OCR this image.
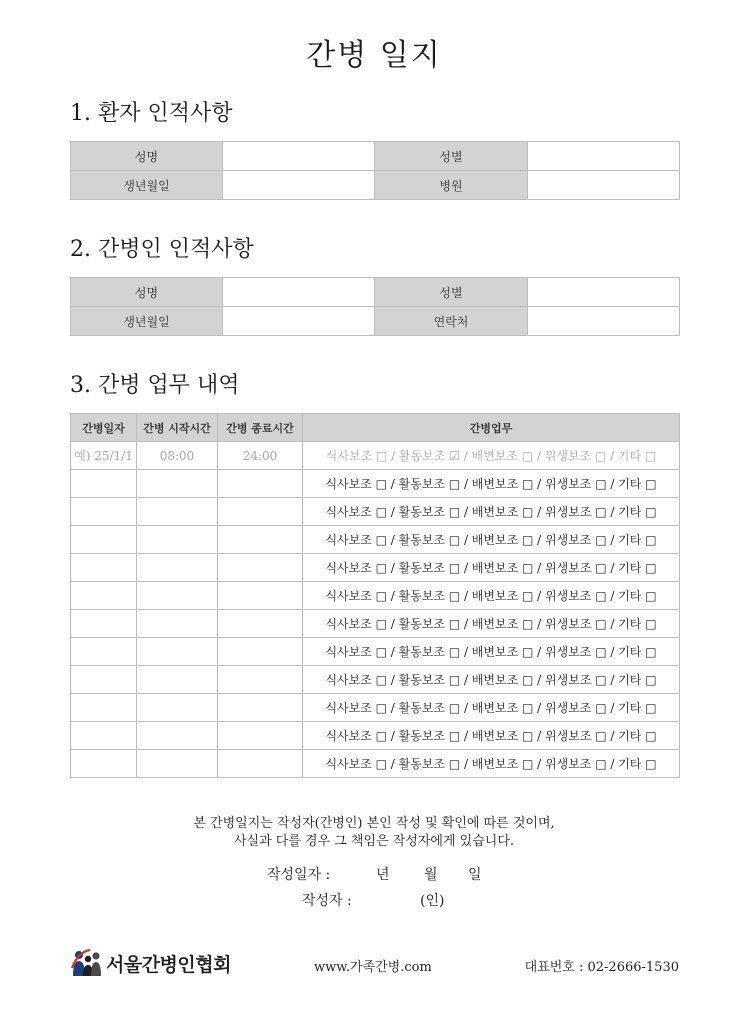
간병 일지
1. 환자 인적사항
성명		성별	
생년월일		병원	
2. 간병인 인적사항
성명		성별	
생년월일		연락처	
3. 간병 업무 내역
간병일자	간병 시작시간	간병 종료시간	간병업무
예) 25/1/1	08:00	24:00	식사보조 □ / 활동보조 ☑ / 배변보조 □ / 위생보조 □ / 기타 □
			식사보조 □ / 활동보조 □ / 배변보조 □ / 위생보조 □ / 기타 □
			식사보조 □ / 활동보조 □ / 배변보조 □ / 위생보조 □ / 기타 □
			식사보조 □ / 활동보조 □ / 배변보조 □ / 위생보조 □ / 기타 □
			식사보조 □ / 활동보조 □ / 배변보조 □ / 위생보조 □ / 기타 □
			식사보조 □ / 활동보조 □ / 배변보조 □ / 위생보조 □ / 기타 □
			식사보조 □ / 활동보조 □ / 배변보조 □ / 위생보조 □ / 기타 □
			식사보조 □ / 활동보조 □ / 배변보조 □ / 위생보조 □ / 기타 □
			식사보조 □ / 활동보조 □ / 배변보조 □ / 위생보조 □ / 기타 □
			식사보조 □ / 활동보조 □ / 배변보조 □ / 위생보조 □ / 기타 □
			식사보조 □ / 활동보조 □ / 배변보조 □ / 위생보조 □ / 기타 □
			식사보조 □ / 활동보조 □ / 배변보조 □ / 위생보조 □ / 기타 □
본 간병일지는 작성자(간병인) 본인 작성 및 확인에 따른 것이며,
사실과 다를 경우 그 책임은 작성자에게 있습니다.
작성일자 :	년 월 일
작성자 :	(인)
서울간병인협회	www.가족간병.com	대표번호 : 02-2666-1530
